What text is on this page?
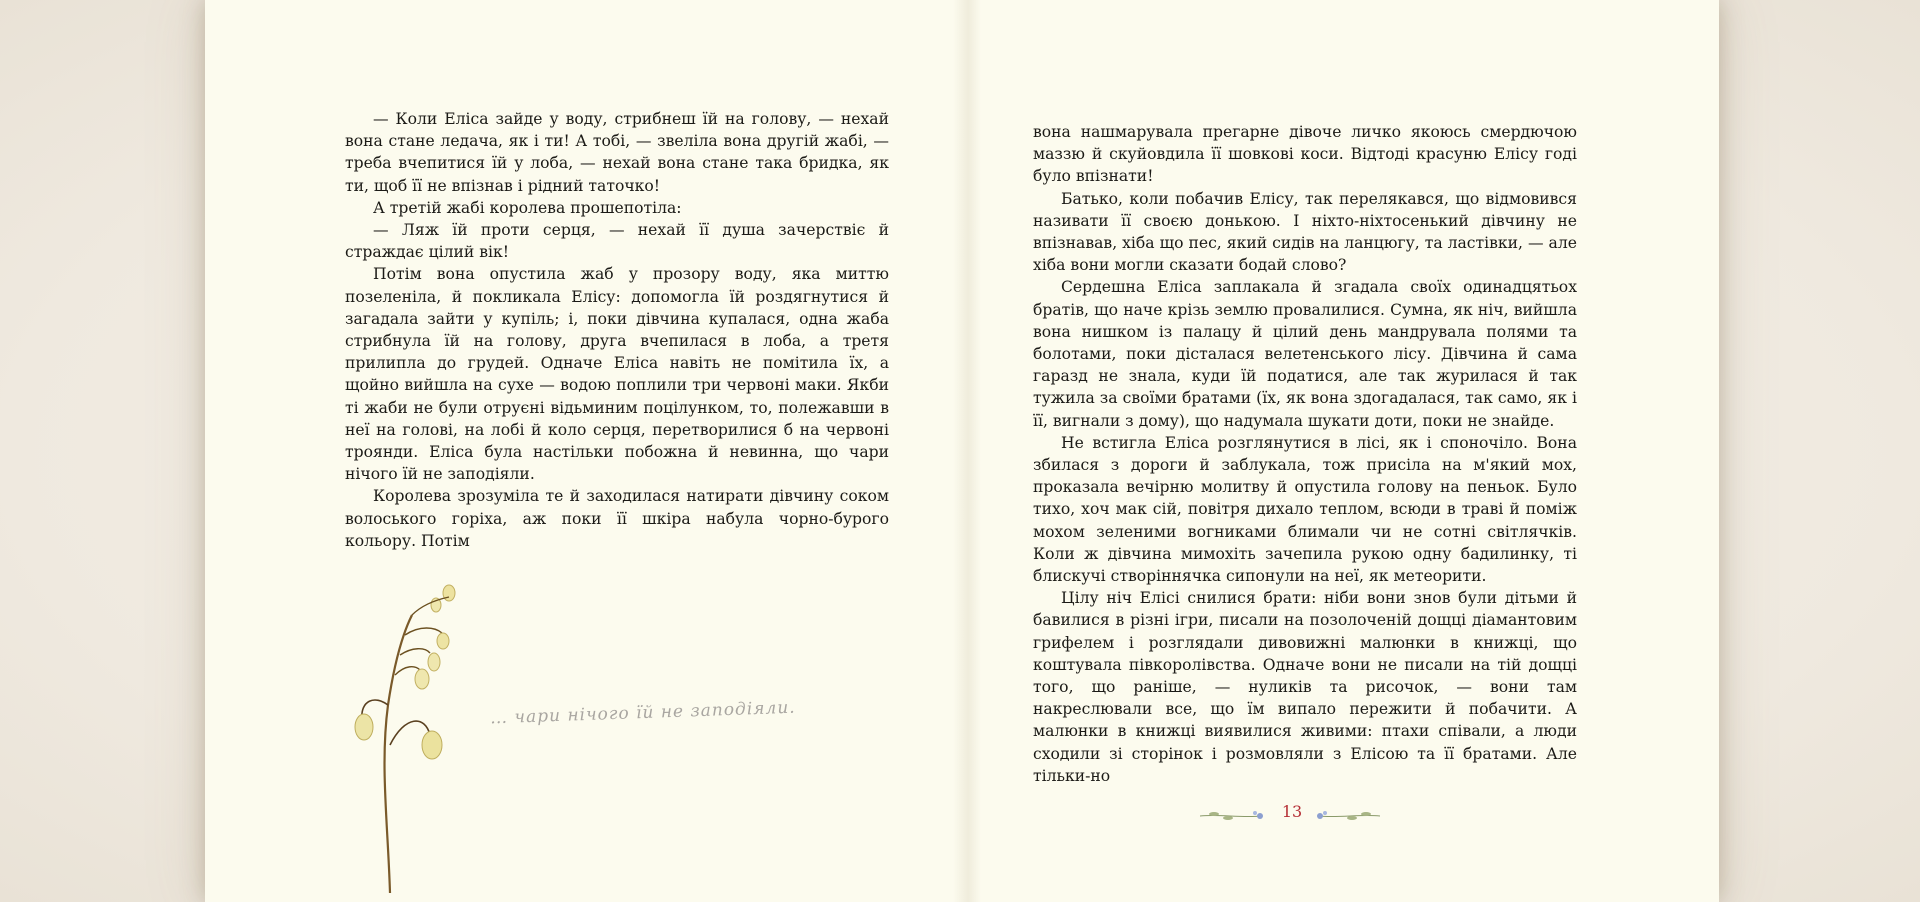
— Коли Еліса зайде у воду, стрибнеш їй на голову, — нехай вона стане ледача, як і ти! А тобі, — звеліла вона другій жабі, — треба вчепитися їй у лоба, — нехай вона стане така бридка, як ти, щоб її не впізнав і рідний таточко!

А третій жабі королева прошепотіла:

— Ляж їй проти серця, — нехай її душа зачерствіє й страждає цілий вік!

Потім вона опустила жаб у прозору воду, яка миттю позеленіла, й покликала Елісу: допомогла їй роздягнутися й загадала зайти у купіль; і, поки дівчина купалася, одна жаба стрибнула їй на голову, друга вчепилася в лоба, а третя прилипла до грудей. Одначе Еліса навіть не помітила їх, а щойно вийшла на сухе — водою поплили три червоні маки. Якби ті жаби не були отруєні відьминим поцілунком, то, полежавши в неї на голові, на лобі й коло серця, перетворилися б на червоні троянди. Еліса була настільки побожна й невинна, що чари нічого їй не заподіяли.

Королева зрозуміла те й заходилася натирати дівчину соком волоського горіха, аж поки її шкіра набула чорно-бурого кольору. Потім

… чари нічого їй не заподіяли.

вона нашмарувала прегарне дівоче личко якоюсь смердючою маззю й скуйовдила її шовкові коси. Відтоді красуню Елісу годі було впізнати!

Батько, коли побачив Елісу, так перелякався, що відмовився називати її своєю донькою. І ніхто-ніхтосенький дівчину не впізнавав, хіба що пес, який сидів на ланцюгу, та ластівки, — але хіба вони могли сказати бодай слово?

Сердешна Еліса заплакала й згадала своїх одинадцятьох братів, що наче крізь землю провалилися. Сумна, як ніч, вийшла вона нишком із палацу й цілий день мандрувала полями та болотами, поки дісталася велетенського лісу. Дівчина й сама гаразд не знала, куди їй податися, але так журилася й так тужила за своїми братами (їх, як вона здогадалася, так само, як і її, вигнали з дому), що надумала шукати доти, поки не знайде.

Не встигла Еліса розглянутися в лісі, як і споночіло. Вона збилася з дороги й заблукала, тож присіла на м'який мох, проказала вечірню молитву й опустила голову на пеньок. Було тихо, хоч мак сій, повітря дихало теплом, всюди в траві й поміж мохом зеленими вогниками блимали чи не сотні світлячків. Коли ж дівчина мимохіть зачепила рукою одну бадилинку, ті блискучі створіннячка сипонули на неї, як метеорити.

Цілу ніч Елісі снилися брати: ніби вони знов були дітьми й бавилися в різні ігри, писали на позолоченій дощці діамантовим грифелем і розглядали дивовижні малюнки в книжці, що коштувала півкоролівства. Одначе вони не писали на тій дощці того, що раніше, — нуликів та рисочок, — вони там накреслювали все, що їм випало пережити й побачити. А малюнки в книжці виявилися живими: птахи співали, а люди сходили зі сторінок і розмовляли з Елісою та її братами. Але тільки-но

13
